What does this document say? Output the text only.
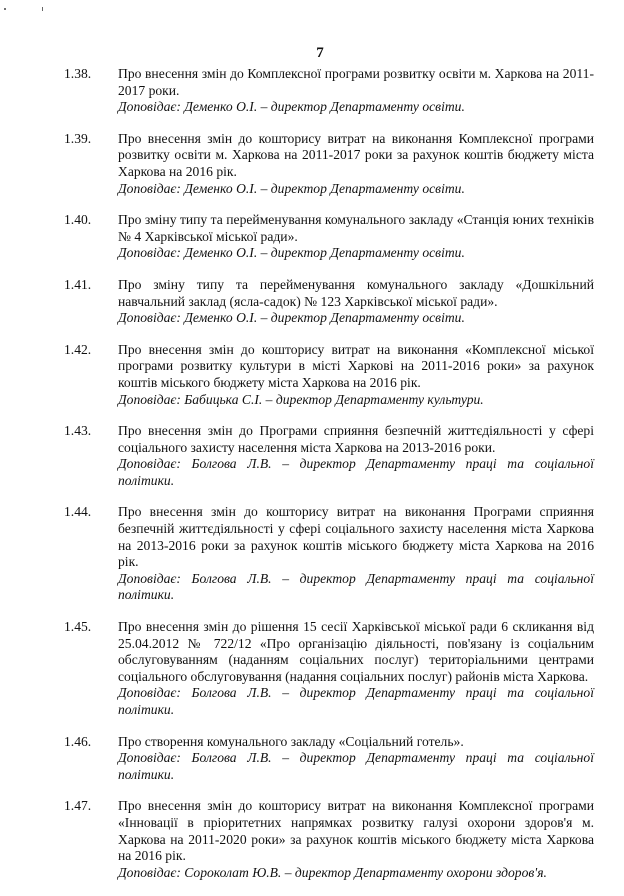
7
1.38. Про внесення змін до Комплексної програми розвитку освіти м. Харкова на 2011-2017 роки.
Доповідає: Деменко О.І. – директор Департаменту освіти.
1.39. Про внесення змін до кошторису витрат на виконання Комплексної програми розвитку освіти м. Харкова на 2011-2017 роки за рахунок коштів бюджету міста Харкова на 2016 рік.
Доповідає: Деменко О.І. – директор Департаменту освіти.
1.40. Про зміну типу та перейменування комунального закладу «Станція юних техніків № 4 Харківської міської ради».
Доповідає: Деменко О.І. – директор Департаменту освіти.
1.41. Про зміну типу та перейменування комунального закладу «Дошкільний навчальний заклад (ясла-садок) № 123 Харківської міської ради».
Доповідає: Деменко О.І. – директор Департаменту освіти.
1.42. Про внесення змін до кошторису витрат на виконання «Комплексної міської програми розвитку культури в місті Харкові на 2011-2016 роки» за рахунок коштів міського бюджету міста Харкова на 2016 рік.
Доповідає: Бабицька С.І. – директор Департаменту культури.
1.43. Про внесення змін до Програми сприяння безпечній життєдіяльності у сфері соціального захисту населення міста Харкова на 2013-2016 роки.
Доповідає: Болгова Л.В. – директор Департаменту праці та соціальної політики.
1.44. Про внесення змін до кошторису витрат на виконання Програми сприяння безпечній життєдіяльності у сфері соціального захисту населення міста Харкова на 2013-2016 роки за рахунок коштів міського бюджету міста Харкова на 2016 рік.
Доповідає: Болгова Л.В. – директор Департаменту праці та соціальної політики.
1.45. Про внесення змін до рішення 15 сесії Харківської міської ради 6 скликання від 25.04.2012 № 722/12 «Про організацію діяльності, пов'язану із соціальним обслуговуванням (наданням соціальних послуг) територіальними центрами соціального обслуговування (надання соціальних послуг) районів міста Харкова.
Доповідає: Болгова Л.В. – директор Департаменту праці та соціальної політики.
1.46. Про створення комунального закладу «Соціальний готель».
Доповідає: Болгова Л.В. – директор Департаменту праці та соціальної політики.
1.47. Про внесення змін до кошторису витрат на виконання Комплексної програми «Інновації в пріоритетних напрямках розвитку галузі охорони здоров'я м. Харкова на 2011-2020 роки» за рахунок коштів міського бюджету міста Харкова на 2016 рік.
Доповідає: Сороколат Ю.В. – директор Департаменту охорони здоров'я.
